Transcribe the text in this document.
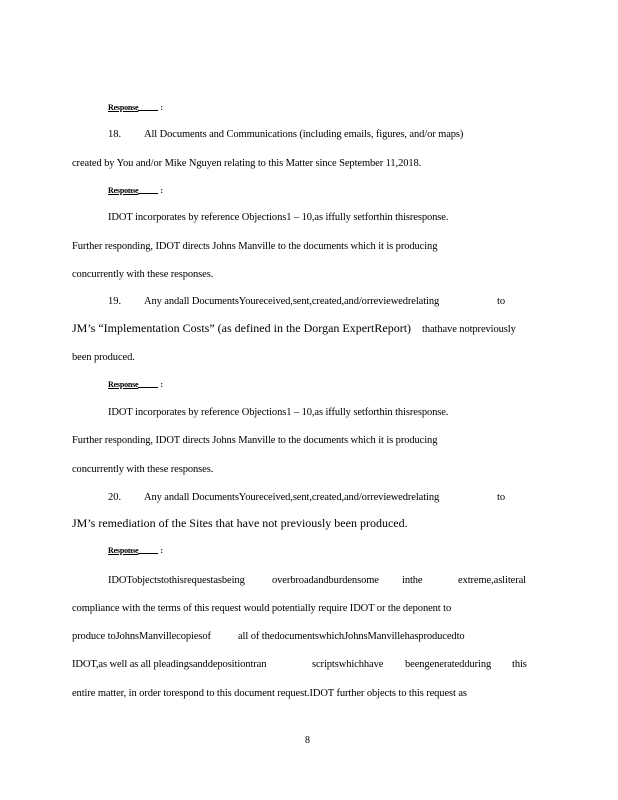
Response	:
18. All Documents and Communications (including emails, figures, and/or maps)
created by You and/or Mike Nguyen relating to this Matter since September 11,2018.
Response	:
IDOT incorporates by reference Objections1 – 10,as iffully setforthin thisresponse.
Further responding, IDOT directs Johns Manville to the documents which it is producing
concurrently with these responses.
19. Any andall DocumentsYoureceived,sent,created,and/orreviewedrelating	to
JM’s “Implementation Costs” (as defined in the Dorgan ExpertReport) thathave notpreviously
been produced.
Response	:
IDOT incorporates by reference Objections1 – 10,as iffully setforthin thisresponse.
Further responding, IDOT directs Johns Manville to the documents which it is producing
concurrently with these responses.
20. Any andall DocumentsYoureceived,sent,created,and/orreviewedrelating	to
JM’s remediation of the Sites that have not previously been produced.
Response	:
IDOTobjectstothisrequestasbeing	overbroadandburdensome inthe	extreme,asliteral
compliance with the terms of this request would potentially require IDOT or the deponent to
produce toJohnsManvillecopiesof	all of thedocumentswhichJohnsManvillehasproducedto
IDOT,as well as all pleadingsanddepositiontran	scriptswhichhave beengeneratedduring this
entire matter, in order torespond to this document request.IDOT further objects to this request as
8
